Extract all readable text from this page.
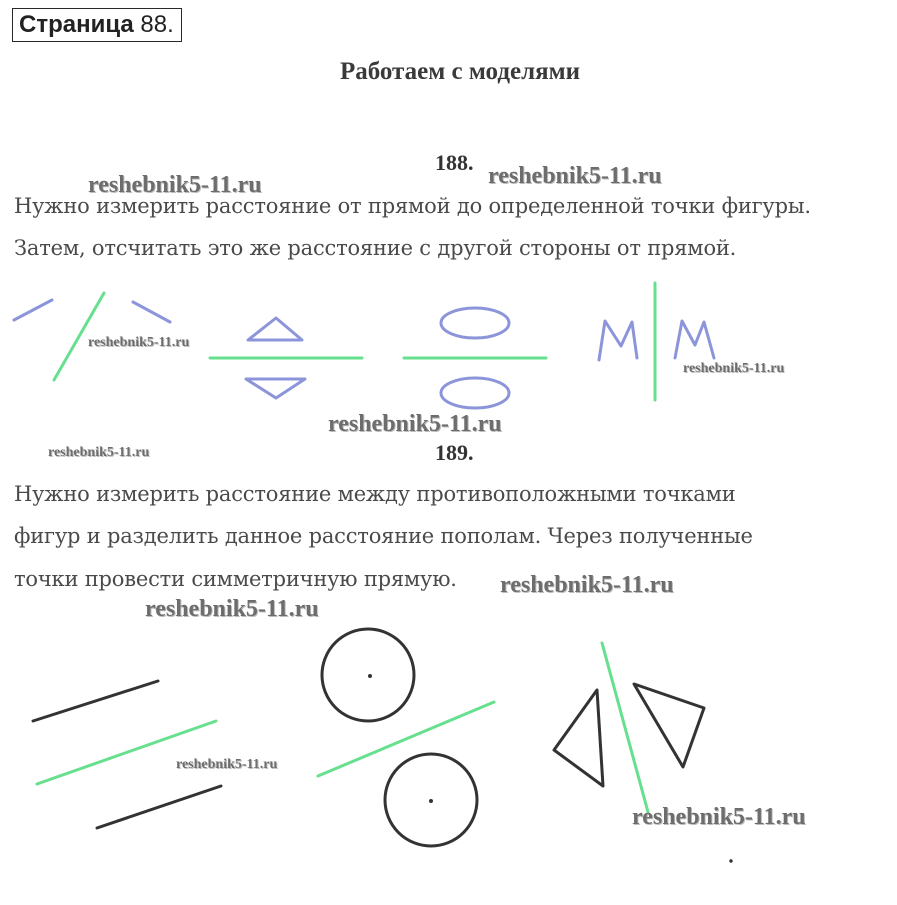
Страница 88.
Работаем с моделями
188.
Нужно измерить расстояние от прямой до определенной точки фигуры.
Затем, отсчитать это же расстояние с другой стороны от прямой.
189.
Нужно измерить расстояние между противоположными точками
фигур и разделить данное расстояние пополам. Через полученные
точки провести симметричную прямую.
reshebnik5-11.ru	reshebnik5-11.ru
reshebnik5-11.ru
reshebnik5-11.ru
reshebnik5-11.ru
reshebnik5-11.ru
reshebnik5-11.ru
reshebnik5-11.ru
reshebnik5-11.ru
reshebnik5-11.ru
